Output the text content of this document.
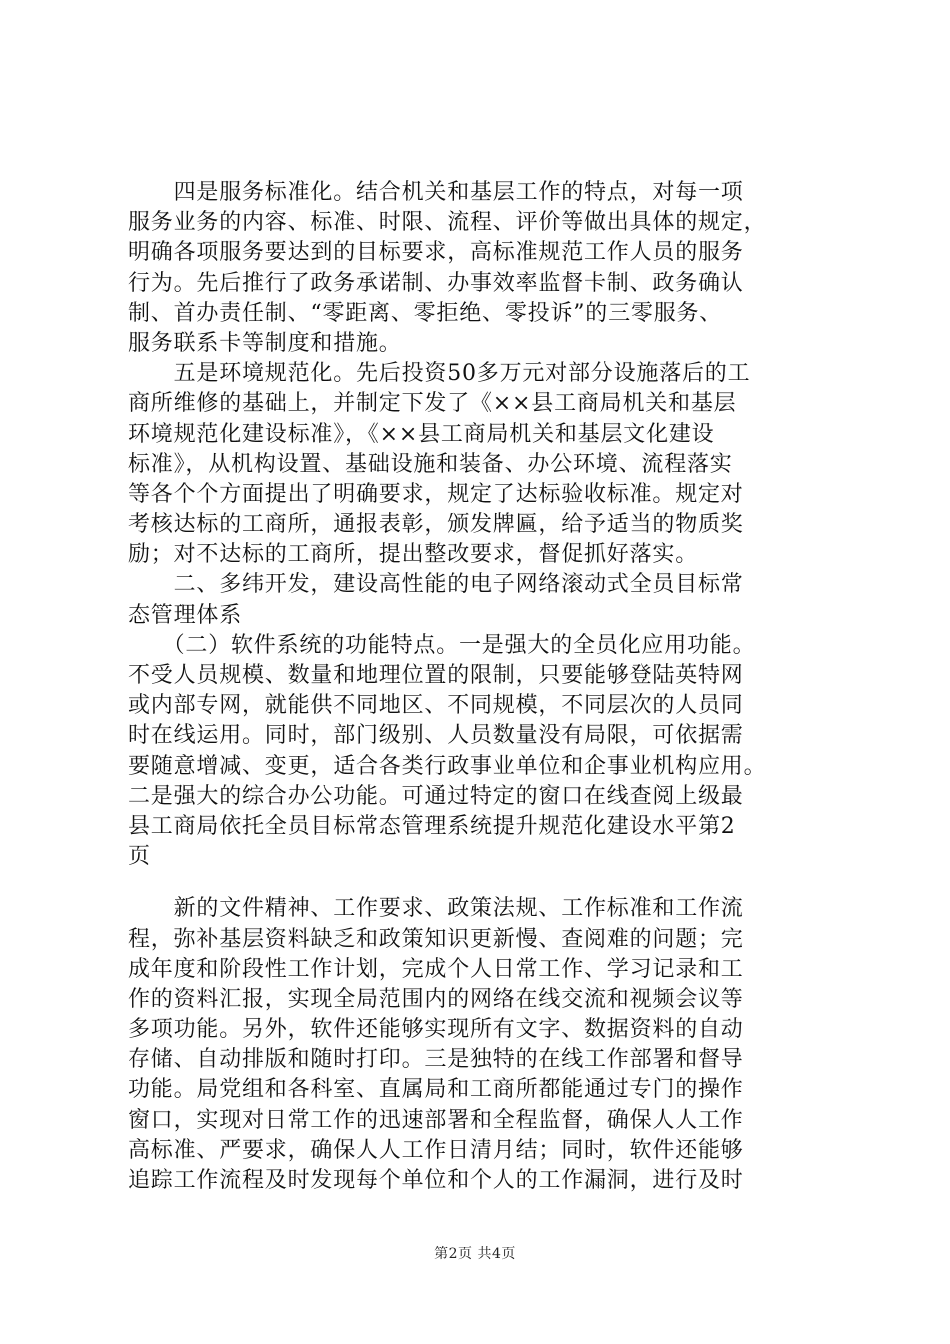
　　四是服务标准化。结合机关和基层工作的特点，对每一项
服务业务的内容、标准、时限、流程、评价等做出具体的规定，
明确各项服务要达到的目标要求，高标准规范工作人员的服务
行为。先后推行了政务承诺制、办事效率监督卡制、政务确认
制、首办责任制、“零距离、零拒绝、零投诉”的三零服务、
服务联系卡等制度和措施。
　　五是环境规范化。先后投资50多万元对部分设施落后的工
商所维修的基础上，并制定下发了《××县工商局机关和基层
环境规范化建设标准》，《××县工商局机关和基层文化建设
标准》，从机构设置、基础设施和装备、办公环境、流程落实
等各个个方面提出了明确要求，规定了达标验收标准。规定对
考核达标的工商所，通报表彰，颁发牌匾，给予适当的物质奖
励；对不达标的工商所，提出整改要求，督促抓好落实。
　　二、多纬开发，建设高性能的电子网络滚动式全员目标常
态管理体系
　　（二）软件系统的功能特点。一是强大的全员化应用功能。
不受人员规模、数量和地理位置的限制，只要能够登陆英特网
或内部专网，就能供不同地区、不同规模，不同层次的人员同
时在线运用。同时，部门级别、人员数量没有局限，可依据需
要随意增减、变更，适合各类行政事业单位和企事业机构应用。
二是强大的综合办公功能。可通过特定的窗口在线查阅上级最
县工商局依托全员目标常态管理系统提升规范化建设水平第2
页
　　新的文件精神、工作要求、政策法规、工作标准和工作流
程，弥补基层资料缺乏和政策知识更新慢、查阅难的问题；完
成年度和阶段性工作计划，完成个人日常工作、学习记录和工
作的资料汇报，实现全局范围内的网络在线交流和视频会议等
多项功能。另外，软件还能够实现所有文字、数据资料的自动
存储、自动排版和随时打印。三是独特的在线工作部署和督导
功能。局党组和各科室、直属局和工商所都能通过专门的操作
窗口，实现对日常工作的迅速部署和全程监督，确保人人工作
高标准、严要求，确保人人工作日清月结；同时，软件还能够
追踪工作流程及时发现每个单位和个人的工作漏洞，进行及时
第2页 共4页
